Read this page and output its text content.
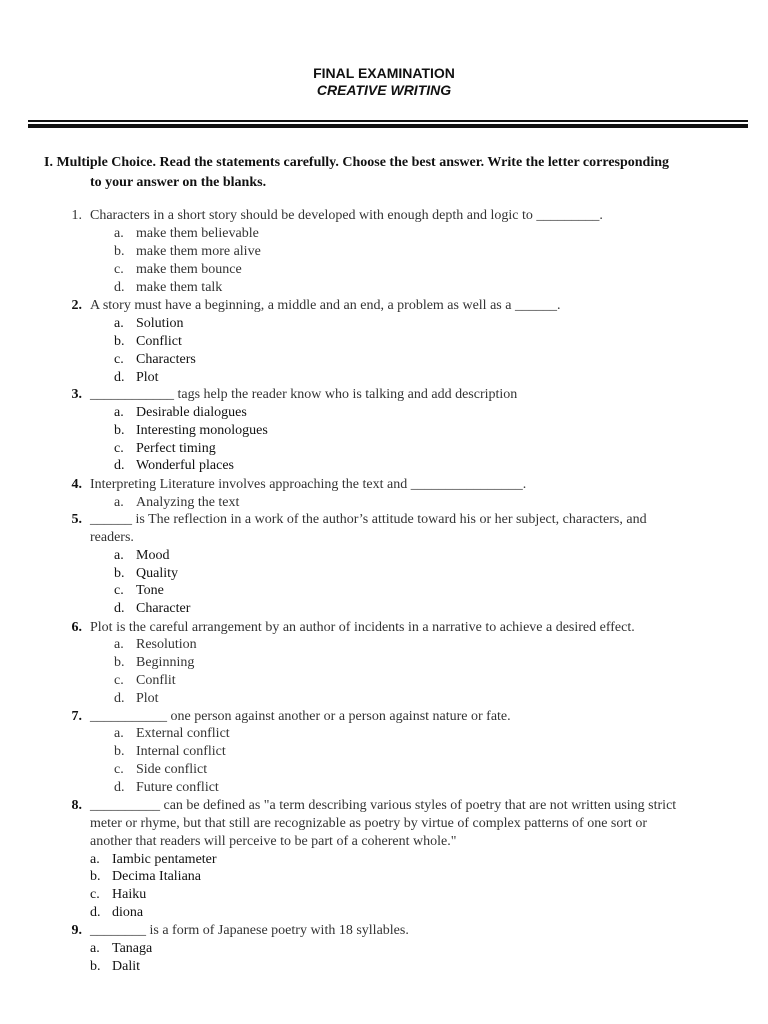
FINAL EXAMINATION
CREATIVE WRITING
I. Multiple Choice. Read the statements carefully. Choose the best answer. Write the letter corresponding
to your answer on the blanks.
1. Characters in a short story should be developed with enough depth and logic to _________.
a. make them believable
b. make them more alive
c. make them bounce
d. make them talk
2. A story must have a beginning, a middle and an end, a problem as well as a ______.
a. Solution
b. Conflict
c. Characters
d. Plot
3. ____________ tags help the reader know who is talking and add description
a. Desirable dialogues
b. Interesting monologues
c. Perfect timing
d. Wonderful places
4. Interpreting Literature involves approaching the text and ________________.
a. Analyzing the text
5. ______ is The reflection in a work of the author’s attitude toward his or her subject, characters, and
readers.
a. Mood
b. Quality
c. Tone
d. Character
6. Plot is the careful arrangement by an author of incidents in a narrative to achieve a desired effect.
a. Resolution
b. Beginning
c. Conflit
d. Plot
7. ___________ one person against another or a person against nature or fate.
a. External conflict
b. Internal conflict
c. Side conflict
d. Future conflict
8. __________ can be defined as "a term describing various styles of poetry that are not written using strict
meter or rhyme, but that still are recognizable as poetry by virtue of complex patterns of one sort or
another that readers will perceive to be part of a coherent whole."
a. Iambic pentameter
b. Decima Italiana
c. Haiku
d. diona
9. ________ is a form of Japanese poetry with 18 syllables.
a. Tanaga
b. Dalit
